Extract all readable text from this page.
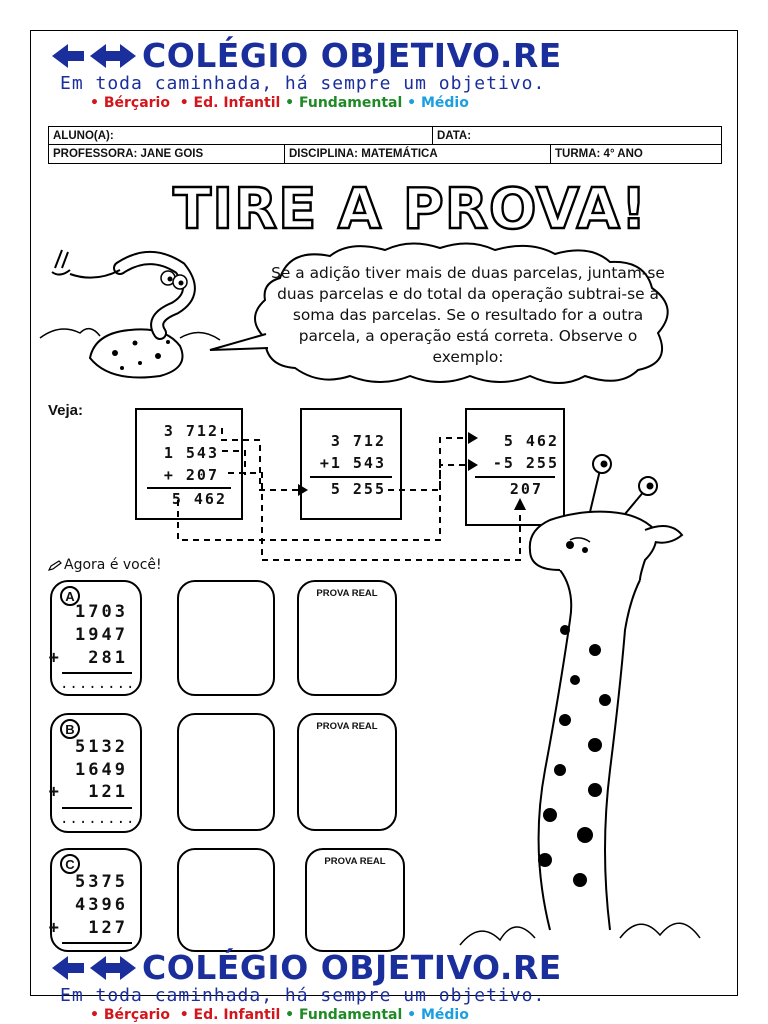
COLÉGIO OBJETIVO.RE
Em toda caminhada, há sempre um objetivo.
• Bérçario • Ed. Infantil • Fundamental • Médio
ALUNO(A):	DATA:
PROFESSORA: JANE GOIS	DISCIPLINA: MATEMÁTICA	TURMA: 4° ANO
TIRE A PROVA!
Se a adição tiver mais de duas parcelas, juntam-se duas parcelas e do total da operação subtrai-se a soma das parcelas. Se o resultado for a outra parcela, a operação está correta. Observe o exemplo:
Veja:
3 712
1 543
+ 207
5 462
3 712
+1 543
5 255
5 462
-5 255
207
Agora é você!
A
1703
1947
+  281
........
PROVA REAL
B
5132
1649
+  121
........
PROVA REAL
C
5375
4396
+  127
PROVA REAL
COLÉGIO OBJETIVO.RE
Em toda caminhada, há sempre um objetivo.
• Bérçario • Ed. Infantil • Fundamental • Médio
